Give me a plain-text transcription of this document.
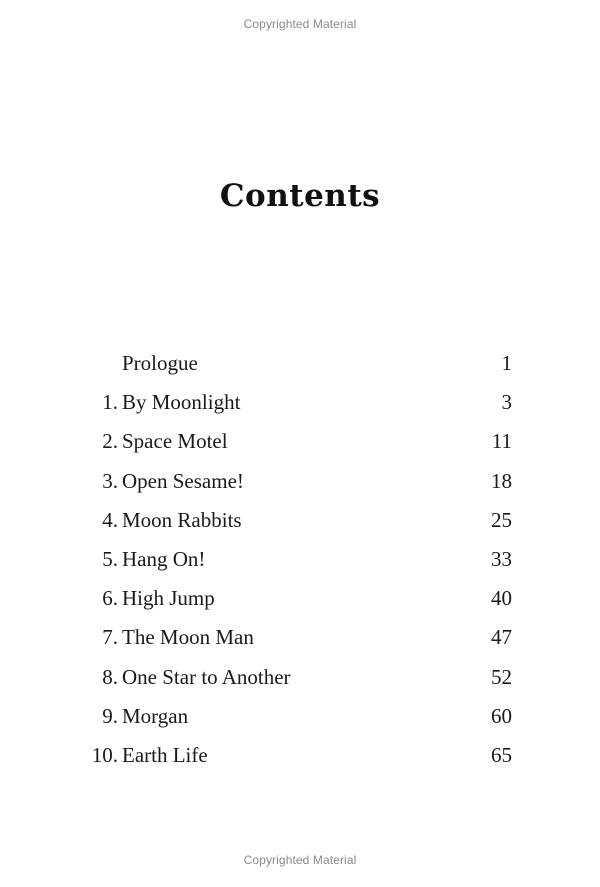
Copyrighted Material
Contents
Prologue	1
1. By Moonlight	3
2. Space Motel	11
3. Open Sesame!	18
4. Moon Rabbits	25
5. Hang On!	33
6. High Jump	40
7. The Moon Man	47
8. One Star to Another	52
9. Morgan	60
10. Earth Life	65
Copyrighted Material
